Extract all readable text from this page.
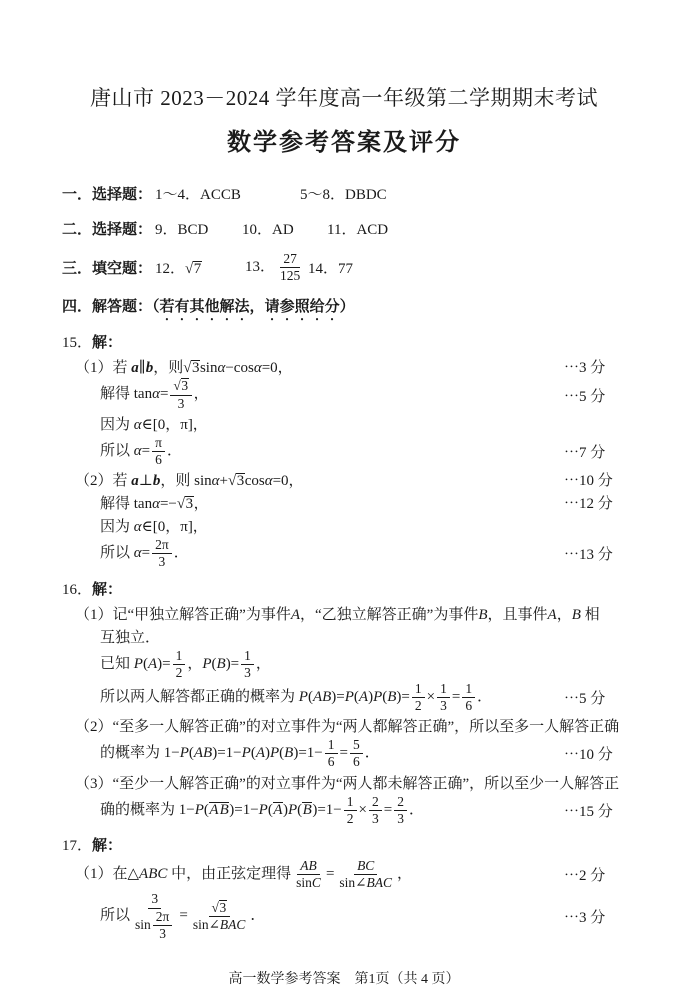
唐山市 2023－2024 学年度高一年级第二学期期末考试
数学参考答案及评分
一．选择题： 1～4．ACCB	5～8．DBDC
二．选择题： 9．BCD	10．AD	11．ACD
三．填空题： 12．√7	13． $\frac{27}{125} 14$．77
四．解答题：（若有其他解法，请参照给分）
15．解：
（1）若 a∥b，则√3sinα−cosα=0，	⋯3 分
解得 $\tan\alpha= \frac{√3}{3}$ ，	⋯5 分
因为 α∈[0，π]，
所以 $\alpha= \frac{\pi}{6}$ ．	⋯7 分
（2）若 a⊥b，则 sinα+√3cosα=0，	⋯10 分
解得 tanα=−√3，	⋯12 分
因为 α∈[0，π]，
所以 $\alpha= \frac{2\pi}{3}$ ．	⋯13 分
16．解：
（1）记“甲独立解答正确”为事件A，“乙独立解答正确”为事件B，且事件A，B 相
互独立．
已知 $P(A)= \frac{1}{2}$ ，$P(B)= \frac{1}{3}$ ，
所以两人解答都正确的概率为 $P(AB)=P(A)P(B)= \frac{1}{2} \times \frac{1}{3} = \frac{1}{6}$ ．	⋯5 分
（2）“至多一人解答正确”的对立事件为“两人都解答正确”，所以至多一人解答正确
的概率为 $1-P(AB)=1-P(A)P(B)=1- \frac{1}{6} = \frac{5}{6}$ ．	⋯10 分
（3）“至少一人解答正确”的对立事件为“两人都未解答正确”，所以至少一人解答正
确的概率为 $1-P(AB)=1-P(A)P(B)=1- \frac{1}{2} \times \frac{2}{3} = \frac{2}{3}$ ．	⋯15 分
17．解：
（1）在△ABC 中，由正弦定理得 $\frac{AB}{\text{sin C}} = \frac{BC}{\text{sin∠ BAC}}$ ，	⋯2 分
所以 $\frac{3}{\sin \frac{2\pi}{3}} = \frac{√3}{\text{sin∠ BAC}}$ ．	⋯3 分
高一数学参考答案　第1页（共 4 页）
